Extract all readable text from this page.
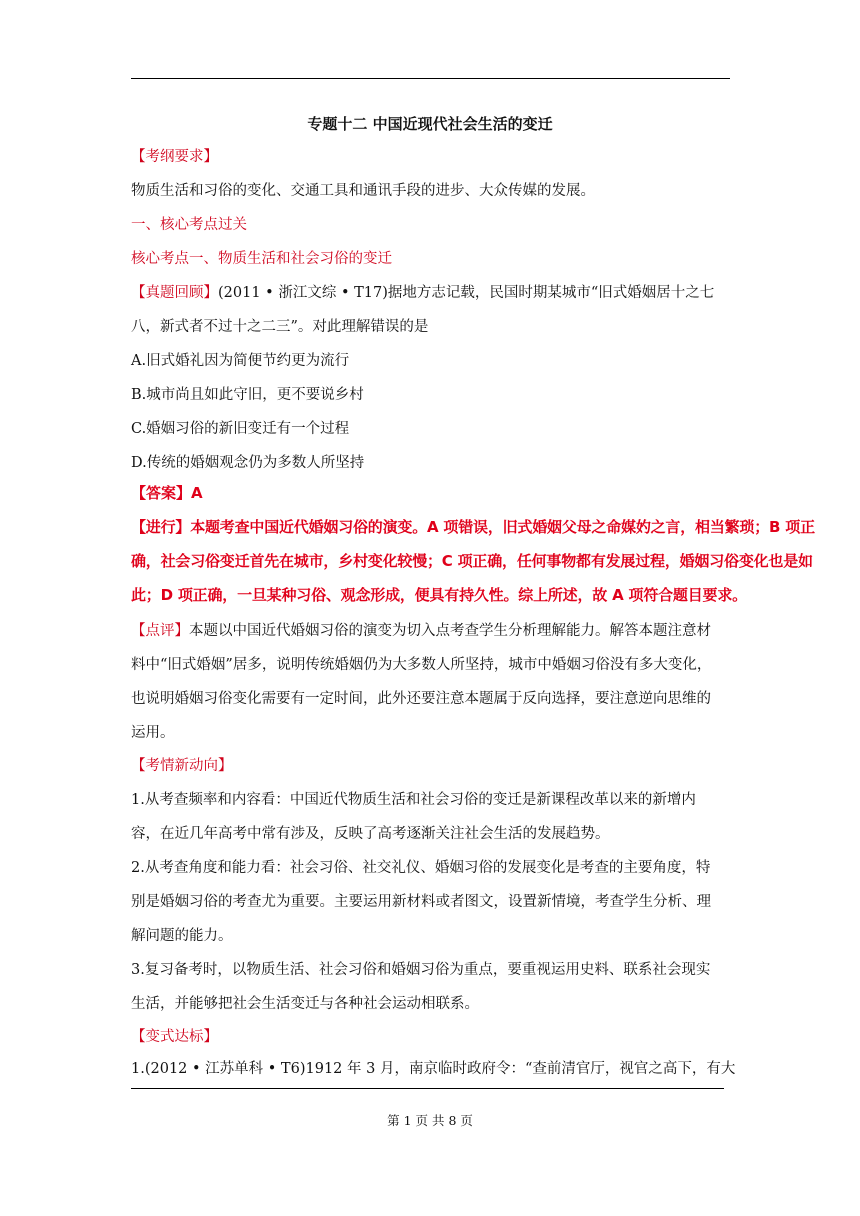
专题十二 中国近现代社会生活的变迁
【考纲要求】
物质生活和习俗的变化、交通工具和通讯手段的进步、大众传媒的发展。
一、核心考点过关
核心考点一、物质生活和社会习俗的变迁
【真题回顾】(2011 • 浙江文综 • T17)据地方志记载，民国时期某城市“旧式婚姻居十之七
八，新式者不过十之二三”。对此理解错误的是
A.旧式婚礼因为简便节约更为流行
B.城市尚且如此守旧，更不要说乡村
C.婚姻习俗的新旧变迁有一个过程
D.传统的婚姻观念仍为多数人所坚持
【答案】A
【进行】本题考查中国近代婚姻习俗的演变。A 项错误，旧式婚姻父母之命媒妁之言，相当繁琐；B 项正
确，社会习俗变迁首先在城市，乡村变化较慢；C 项正确，任何事物都有发展过程，婚姻习俗变化也是如
此；D 项正确，一旦某种习俗、观念形成，便具有持久性。综上所述，故 A 项符合题目要求。
【点评】本题以中国近代婚姻习俗的演变为切入点考查学生分析理解能力。解答本题注意材
料中“旧式婚姻”居多，说明传统婚姻仍为大多数人所坚持，城市中婚姻习俗没有多大变化，
也说明婚姻习俗变化需要有一定时间，此外还要注意本题属于反向选择，要注意逆向思维的
运用。
【考情新动向】
1.从考查频率和内容看：中国近代物质生活和社会习俗的变迁是新课程改革以来的新增内
容，在近几年高考中常有涉及，反映了高考逐渐关注社会生活的发展趋势。
2.从考查角度和能力看：社会习俗、社交礼仪、婚姻习俗的发展变化是考查的主要角度，特
别是婚姻习俗的考查尤为重要。主要运用新材料或者图文，设置新情境，考查学生分析、理
解问题的能力。
3.复习备考时，以物质生活、社会习俗和婚姻习俗为重点，要重视运用史料、联系社会现实
生活，并能够把社会生活变迁与各种社会运动相联系。
【变式达标】
1.(2012 • 江苏单科 • T6)1912 年 3 月，南京临时政府令：“查前清官厅，视官之高下，有大
第 1 页 共 8 页
